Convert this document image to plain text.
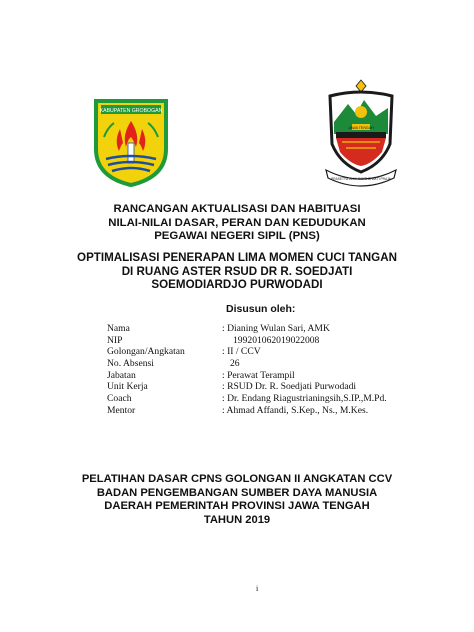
KABUPATEN GROBOGAN
JAWA TENGAH
PRASETYA ULAH SAKTI BHAKTI PRAJA
RANCANGAN AKTUALISASI DAN HABITUASI
NILAI-NILAI DASAR, PERAN DAN KEDUDUKAN
PEGAWAI NEGERI SIPIL (PNS)
OPTIMALISASI PENERAPAN LIMA MOMEN CUCI TANGAN
DI RUANG ASTER RSUD DR R. SOEDJATI
SOEMODIARDJO PURWODADI
Disusun oleh:
Nama	: Dianing Wulan Sari, AMK
NIP	199201062019022008
Golongan/Angkatan	: II / CCV
No. Absensi	26
Jabatan	: Perawat Terampil
Unit Kerja	: RSUD Dr. R. Soedjati Purwodadi
Coach	: Dr. Endang Riagustrianingsih,S.IP.,M.Pd.
Mentor	: Ahmad Affandi, S.Kep., Ns., M.Kes.
PELATIHAN DASAR CPNS GOLONGAN II ANGKATAN CCV
BADAN PENGEMBANGAN SUMBER DAYA MANUSIA
DAERAH PEMERINTAH PROVINSI JAWA TENGAH
TAHUN 2019
i
